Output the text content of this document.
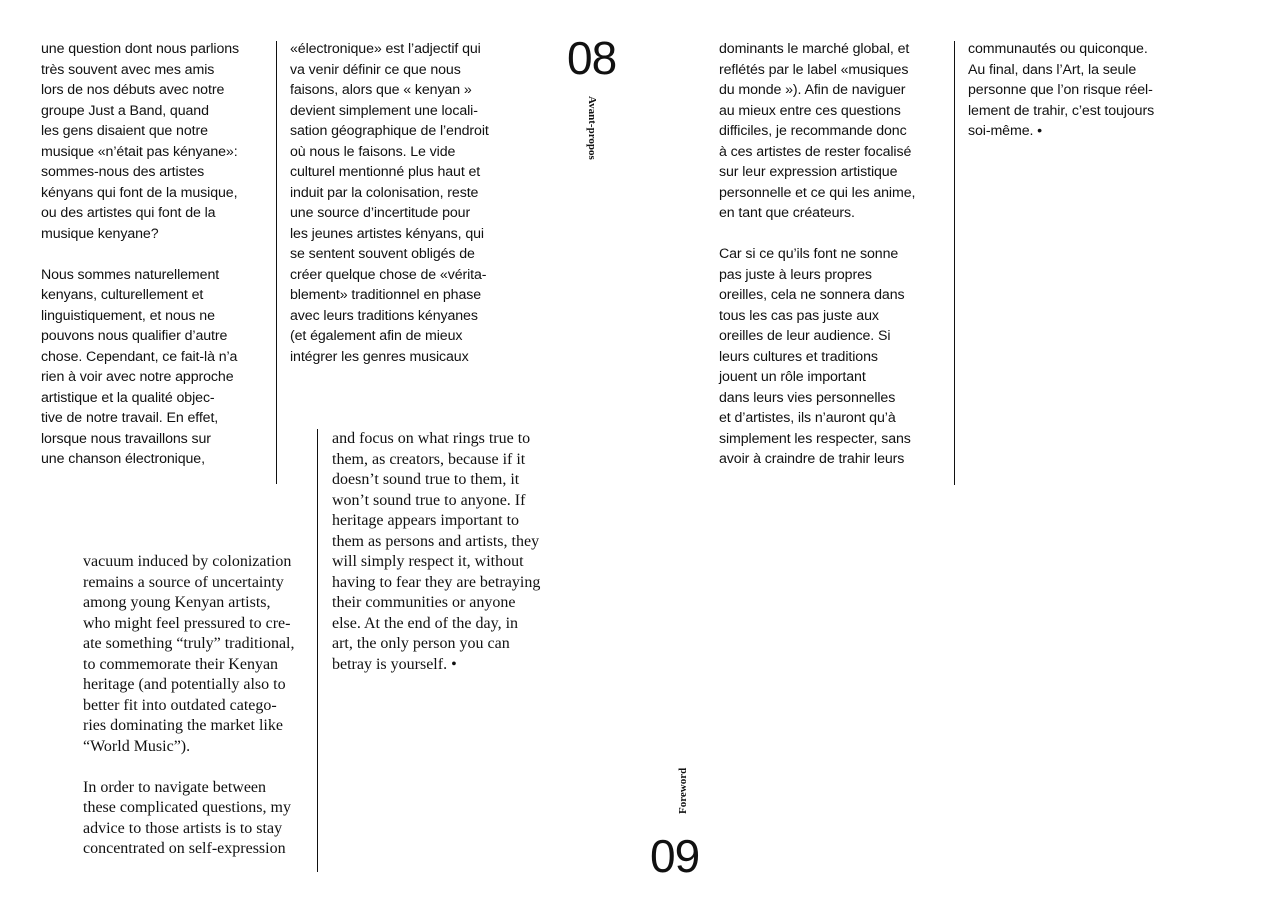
une question dont nous parlions
très souvent avec mes amis
lors de nos débuts avec notre
groupe Just a Band, quand
les gens disaient que notre
musique «n’était pas kényane»:
sommes-nous des artistes
kényans qui font de la musique,
ou des artistes qui font de la
musique kenyane?

Nous sommes naturellement
kenyans, culturellement et
linguistiquement, et nous ne
pouvons nous qualifier d’autre
chose. Cependant, ce fait-là n’a
rien à voir avec notre approche
artistique et la qualité objec-
tive de notre travail. En effet,
lorsque nous travaillons sur
une chanson électronique,

«électronique» est l’adjectif qui
va venir définir ce que nous
faisons, alors que « kenyan »
devient simplement une locali-
sation géographique de l’endroit
où nous le faisons. Le vide
culturel mentionné plus haut et
induit par la colonisation, reste
une source d’incertitude pour
les jeunes artistes kényans, qui
se sentent souvent obligés de
créer quelque chose de «vérita-
blement» traditionnel en phase
avec leurs traditions kényanes
(et également afin de mieux
intégrer les genres musicaux

08
Avant-propos

dominants le marché global, et
reflétés par le label «musiques
du monde »). Afin de naviguer
au mieux entre ces questions
difficiles, je recommande donc
à ces artistes de rester focalisé
sur leur expression artistique
personnelle et ce qui les anime,
en tant que créateurs.

Car si ce qu’ils font ne sonne
pas juste à leurs propres
oreilles, cela ne sonnera dans
tous les cas pas juste aux
oreilles de leur audience. Si
leurs cultures et traditions
jouent un rôle important
dans leurs vies personnelles
et d’artistes, ils n’auront qu’à
simplement les respecter, sans
avoir à craindre de trahir leurs

communautés ou quiconque.
Au final, dans l’Art, la seule
personne que l’on risque réel-
lement de trahir, c’est toujours
soi-même. •

vacuum induced by colonization
remains a source of uncertainty
among young Kenyan artists,
who might feel pressured to cre-
ate something “truly” traditional,
to commemorate their Kenyan
heritage (and potentially also to
better fit into outdated catego-
ries dominating the market like
“World Music”).

In order to navigate between
these complicated questions, my
advice to those artists is to stay
concentrated on self-expression

and focus on what rings true to
them, as creators, because if it
doesn’t sound true to them, it
won’t sound true to anyone. If
heritage appears important to
them as persons and artists, they
will simply respect it, without
having to fear they are betraying
their communities or anyone
else. At the end of the day, in
art, the only person you can
betray is yourself. •

Foreword
09
